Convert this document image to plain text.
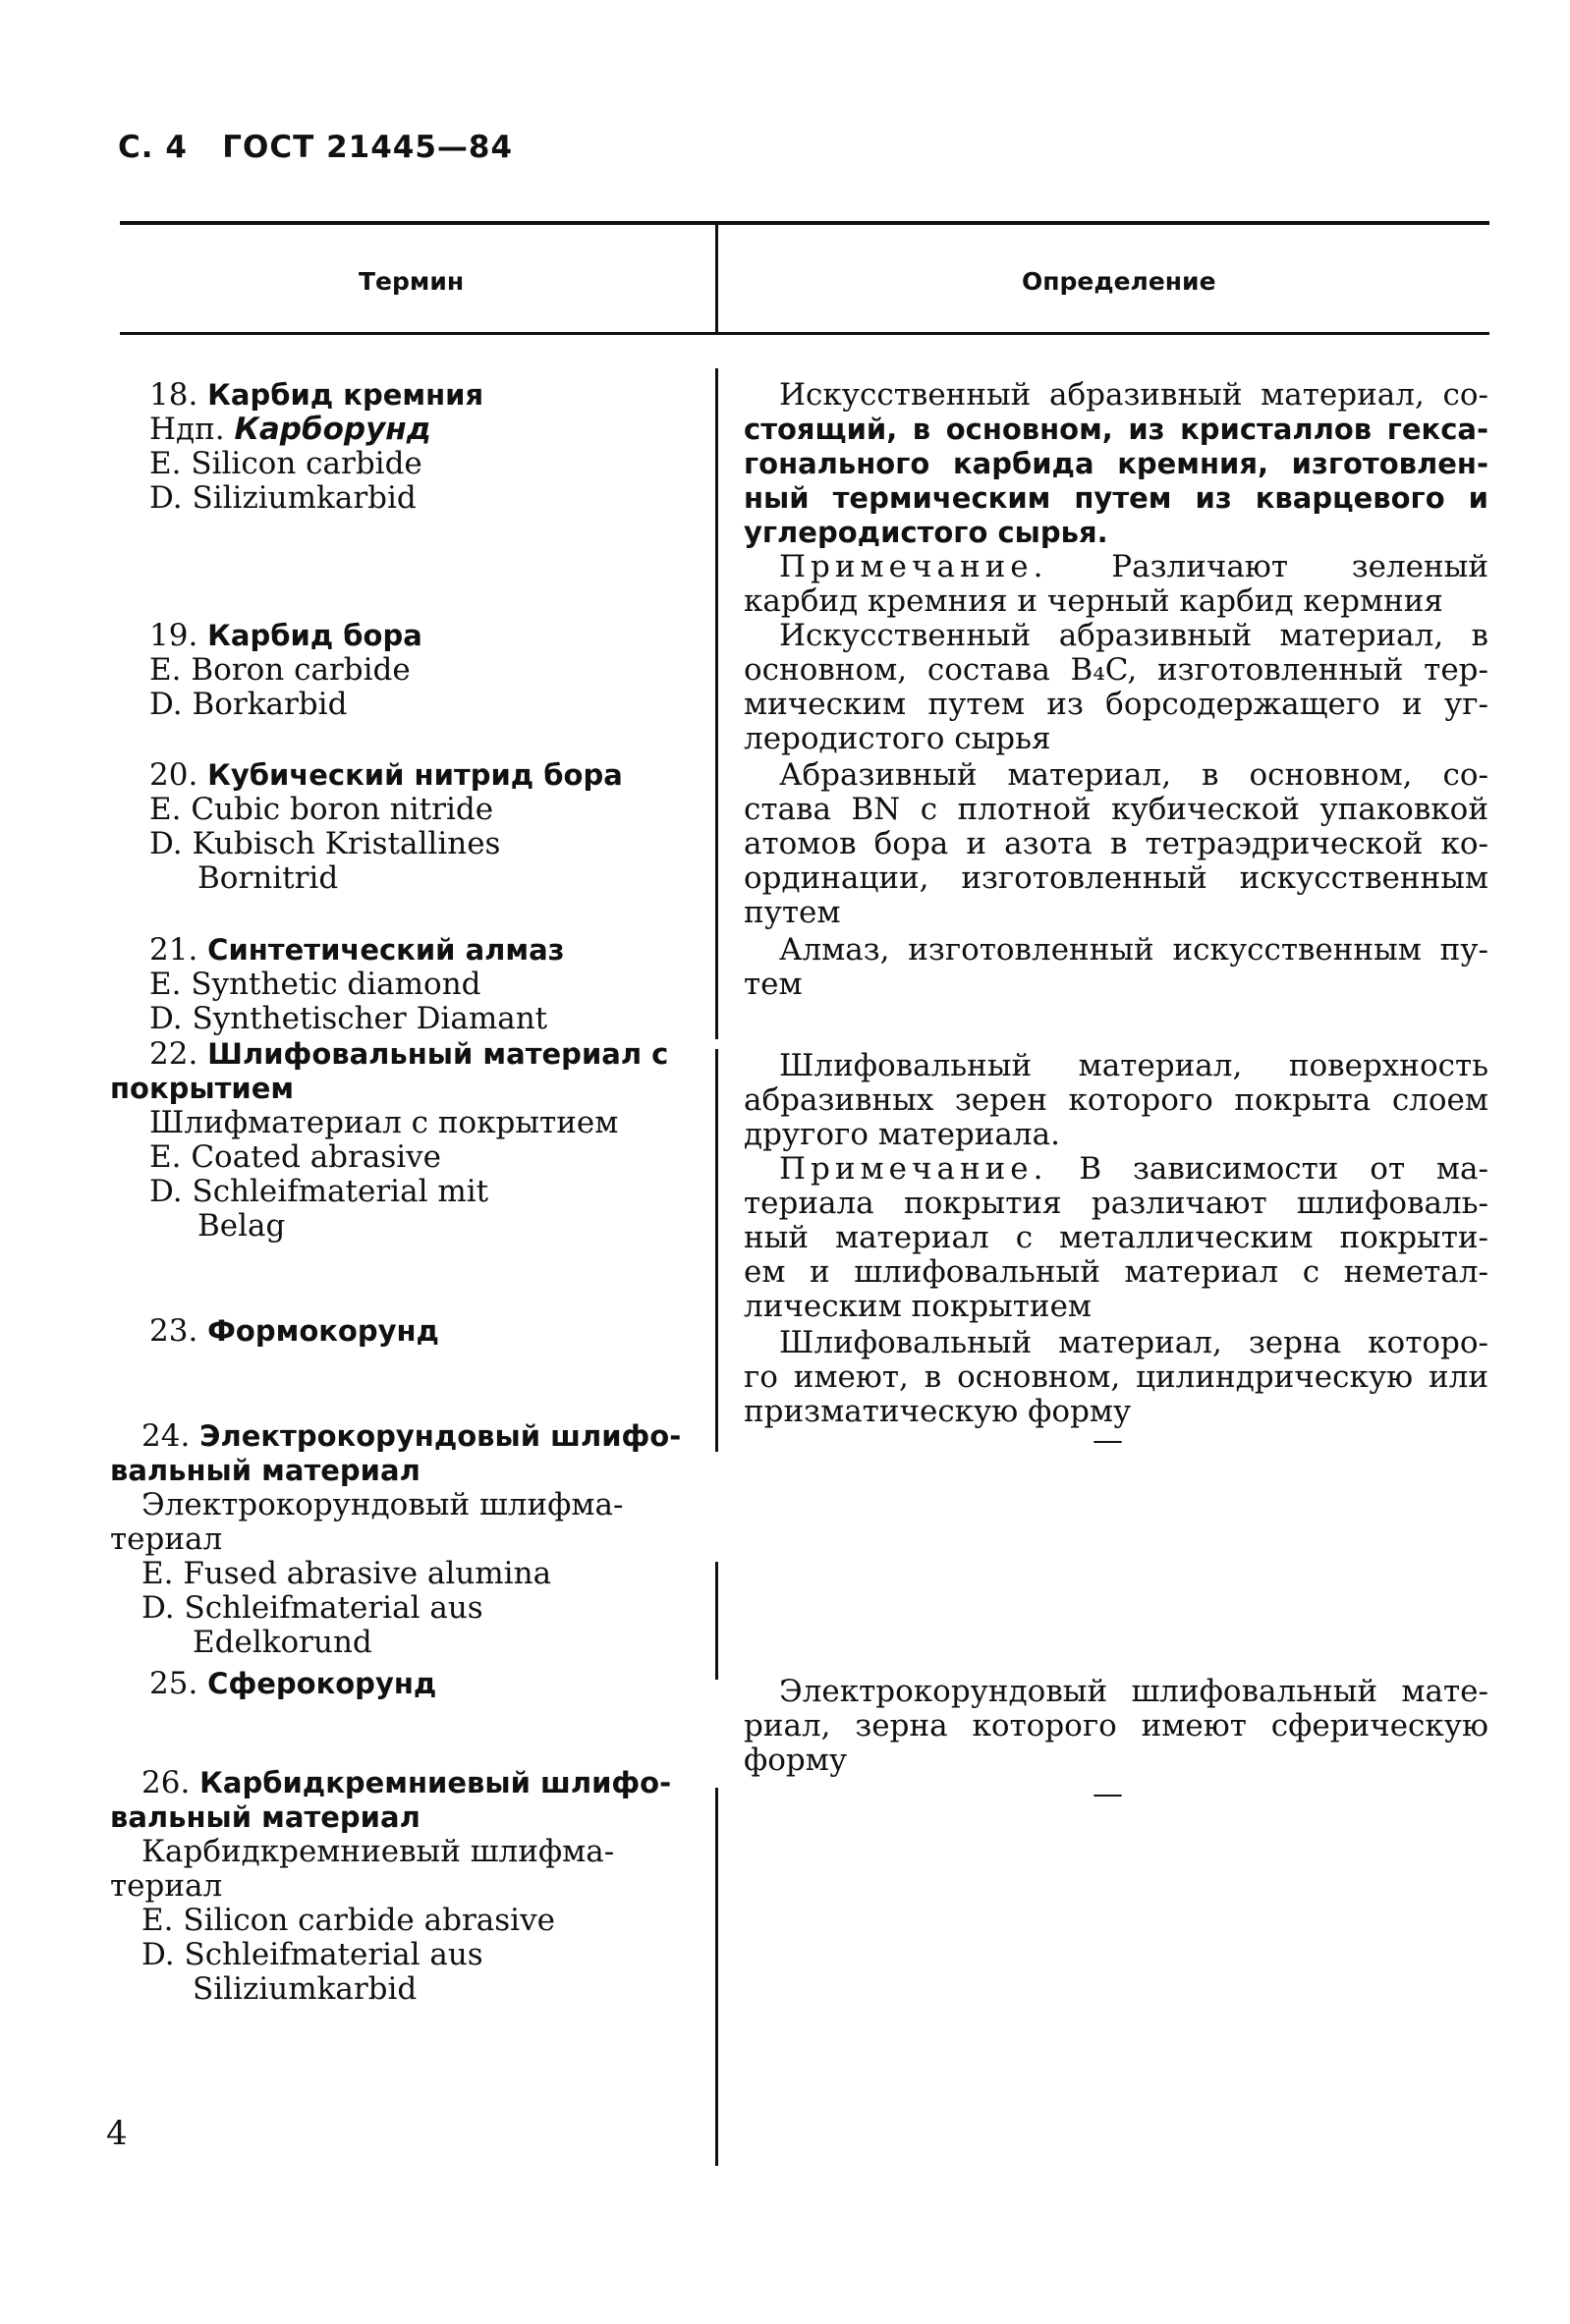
С. 4 ГОСТ 21445—84
Термин	Определение
18. Карбид кремния
Ндп. Карборунд
E. Silicon carbide
D. Siliziumkarbid
19. Карбид бора
E. Boron carbide
D. Borkarbid
20. Кубический нитрид бора
E. Cubic boron nitride
D. Kubisch Kristallines
Bornitrid
21. Синтетический алмаз
E. Synthetic diamond
D. Synthetischer Diamant
22. Шлифовальный материал с
покрытием
Шлифматериал с покрытием
E. Coated abrasive
D. Schleifmaterial mit
Belag
23. Формокорунд
24. Электрокорундовый шлифо-
вальный материал
Электрокорундовый шлифма-
териал
E. Fused abrasive alumina
D. Schleifmaterial aus
Edelkorund
25. Сферокорунд
26. Карбидкремниевый шлифо-
вальный материал
Карбидкремниевый шлифма-
териал
E. Silicon carbide abrasive
D. Schleifmaterial aus
Siliziumkarbid
Искусственный абразивный материал, со-
стоящий, в основном, из кристаллов гекса-
гонального карбида кремния, изготовлен-
ный термическим путем из кварцевого и
углеродистого сырья.
Примечание. Различают зеленый
карбид кремния и черный карбид кермния
Искусственный абразивный материал, в
основном, состава B₄C, изготовленный тер-
мическим путем из борсодержащего и уг-
леродистого сырья
Абразивный материал, в основном, со-
става BN с плотной кубической упаковкой
атомов бора и азота в тетраэдрической ко-
ординации, изготовленный искусственным
путем
Алмаз, изготовленный искусственным пу-
тем
Шлифовальный материал, поверхность
абразивных зерен которого покрыта слоем
другого материала.
Примечание. В зависимости от ма-
териала покрытия различают шлифоваль-
ный материал с металлическим покрыти-
ем и шлифовальный материал с неметал-
лическим покрытием
Шлифовальный материал, зерна которо-
го имеют, в основном, цилиндрическую или
призматическую форму
—
Электрокорундовый шлифовальный мате-
риал, зерна которого имеют сферическую
форму
—
4
